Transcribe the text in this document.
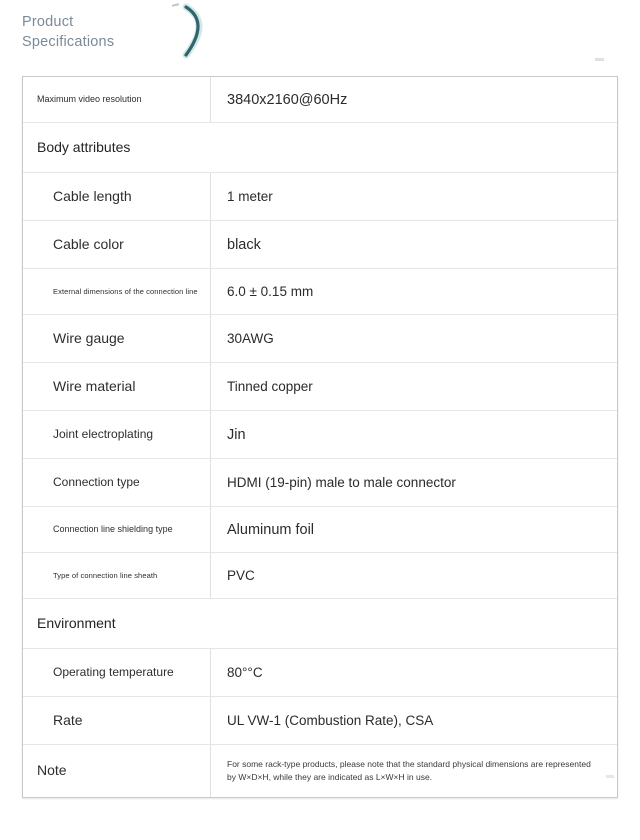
Product
Specifications
Maximum video resolution	3840x2160@60Hz
Body attributes
Cable length	1 meter
Cable color	black
External dimensions of the connection line	6.0 ± 0.15 mm
Wire gauge	30AWG
Wire material	Tinned copper
Joint electroplating	Jin
Connection type	HDMI (19-pin) male to male connector
Connection line shielding type	Aluminum foil
Type of connection line sheath	PVC
Environment
Operating temperature	80°°C
Rate	UL VW-1 (Combustion Rate), CSA
Note	For some rack-type products, please note that the standard physical dimensions are represented by W×D×H, while they are indicated as L×W×H in use.
